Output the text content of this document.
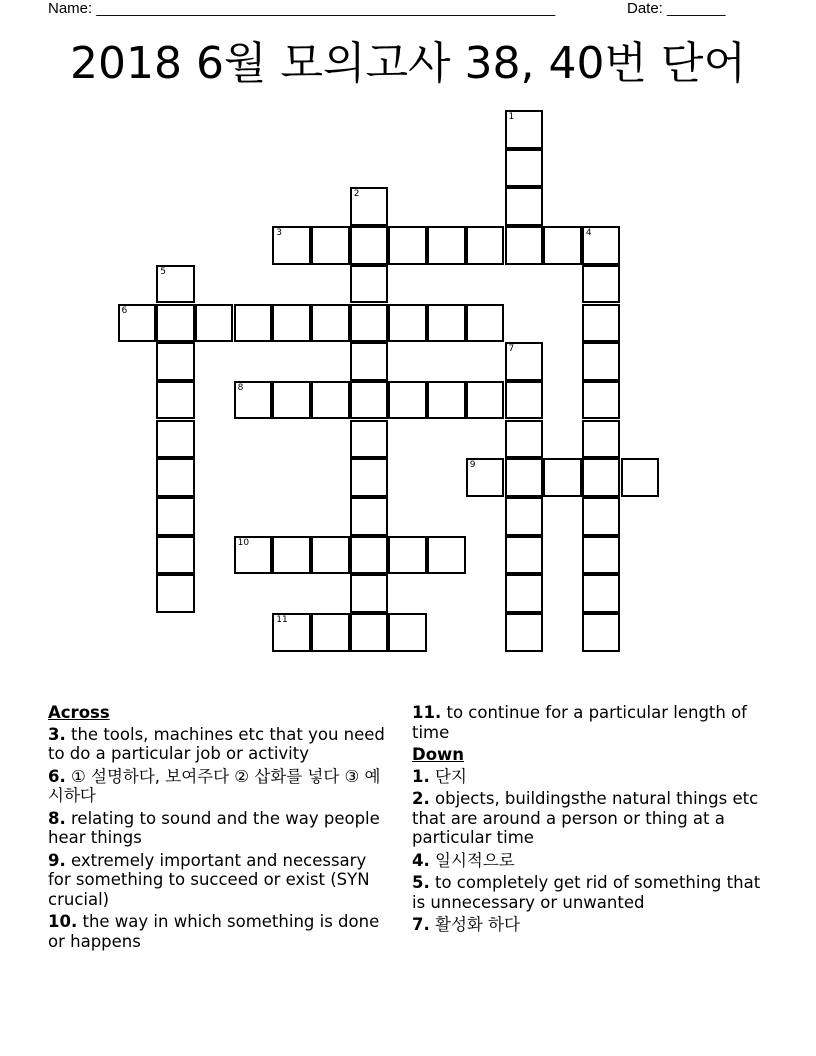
Name: _______________________________________________________	Date: _______
2018 6월 모의고사 38, 40번 단어
1
2
3	4
5
6
7
8
9
10
11
Across
3. the tools, machines etc that you need to do a particular job or activity
6. ① 설명하다, 보여주다 ② 삽화를 넣다 ③ 예시하다
8. relating to sound and the way people hear things
9. extremely important and necessary for something to succeed or exist (SYN crucial)
10. the way in which something is done or happens
11. to continue for a particular length of time
Down
1. 단지
2. objects, buildingsthe natural things etc that are around a person or thing at a particular time
4. 일시적으로
5. to completely get rid of something that is unnecessary or unwanted
7. 활성화 하다
